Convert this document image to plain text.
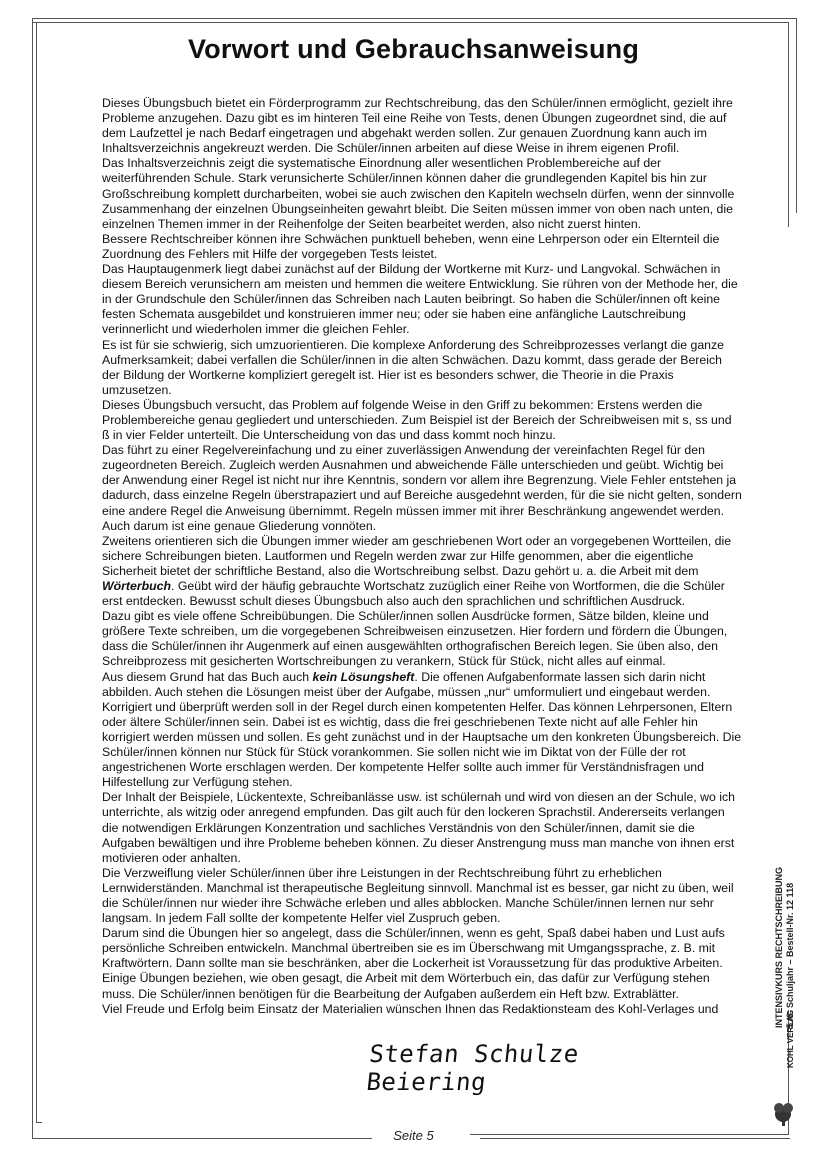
Vorwort und Gebrauchsanweisung

Dieses Übungsbuch bietet ein Förderprogramm zur Rechtschreibung, das den Schüler/innen ermöglicht, gezielt ihre Probleme anzugehen. Dazu gibt es im hinteren Teil eine Reihe von Tests, denen Übungen zugeordnet sind, die auf dem Laufzettel je nach Bedarf eingetragen und abgehakt werden sollen. Zur genauen Zuordnung kann auch im Inhaltsverzeichnis angekreuzt werden. Die Schüler/innen arbeiten auf diese Weise in ihrem eigenen Profil.

Das Inhaltsverzeichnis zeigt die systematische Einordnung aller wesentlichen Problembereiche auf der weiterführenden Schule. Stark verunsicherte Schüler/innen können daher die grundlegenden Kapitel bis hin zur Großschreibung komplett durcharbeiten, wobei sie auch zwischen den Kapiteln wechseln dürfen, wenn der sinnvolle Zusammenhang der einzelnen Übungseinheiten gewahrt bleibt. Die Seiten müssen immer von oben nach unten, die einzelnen Themen immer in der Reihenfolge der Seiten bearbeitet werden, also nicht zuerst hinten.

Bessere Rechtschreiber können ihre Schwächen punktuell beheben, wenn eine Lehrperson oder ein Elternteil die Zuordnung des Fehlers mit Hilfe der vorgegeben Tests leistet.

Das Hauptaugenmerk liegt dabei zunächst auf der Bildung der Wortkerne mit Kurz- und Langvokal. Schwächen in diesem Bereich verunsichern am meisten und hemmen die weitere Entwicklung. Sie rühren von der Methode her, die in der Grundschule den Schüler/innen das Schreiben nach Lauten beibringt. So haben die Schüler/innen oft keine festen Schemata ausgebildet und konstruieren immer neu; oder sie haben eine anfängliche Lautschreibung verinnerlicht und wiederholen immer die gleichen Fehler.

Es ist für sie schwierig, sich umzuorientieren. Die komplexe Anforderung des Schreibprozesses verlangt die ganze Aufmerksamkeit; dabei verfallen die Schüler/innen in die alten Schwächen. Dazu kommt, dass gerade der Bereich der Bildung der Wortkerne kompliziert geregelt ist. Hier ist es besonders schwer, die Theorie in die Praxis umzusetzen.

Dieses Übungsbuch versucht, das Problem auf folgende Weise in den Griff zu bekommen: Erstens werden die Problembereiche genau gegliedert und unterschieden. Zum Beispiel ist der Bereich der Schreibweisen mit s, ss und ß in vier Felder unterteilt. Die Unterscheidung von das und dass kommt noch hinzu.

Das führt zu einer Regelvereinfachung und zu einer zuverlässigen Anwendung der vereinfachten Regel für den zugeordneten Bereich. Zugleich werden Ausnahmen und abweichende Fälle unterschieden und geübt. Wichtig bei der Anwendung einer Regel ist nicht nur ihre Kenntnis, sondern vor allem ihre Begrenzung. Viele Fehler entstehen ja dadurch, dass einzelne Regeln überstrapaziert und auf Bereiche ausgedehnt werden, für die sie nicht gelten, sondern eine andere Regel die Anweisung übernimmt. Regeln müssen immer mit ihrer Beschränkung angewendet werden. Auch darum ist eine genaue Gliederung vonnöten.

Zweitens orientieren sich die Übungen immer wieder am geschriebenen Wort oder an vorgegebenen Wortteilen, die sichere Schreibungen bieten. Lautformen und Regeln werden zwar zur Hilfe genommen, aber die eigentliche Sicherheit bietet der schriftliche Bestand, also die Wortschreibung selbst. Dazu gehört u. a. die Arbeit mit dem Wörterbuch. Geübt wird der häufig gebrauchte Wortschatz zuzüglich einer Reihe von Wortformen, die die Schüler erst entdecken. Bewusst schult dieses Übungsbuch also auch den sprachlichen und schriftlichen Ausdruck.

Dazu gibt es viele offene Schreibübungen. Die Schüler/innen sollen Ausdrücke formen, Sätze bilden, kleine und größere Texte schreiben, um die vorgegebenen Schreibweisen einzusetzen. Hier fordern und fördern die Übungen, dass die Schüler/innen ihr Augenmerk auf einen ausgewählten orthografischen Bereich legen. Sie üben also, den Schreibprozess mit gesicherten Wortschreibungen zu verankern, Stück für Stück, nicht alles auf einmal.

Aus diesem Grund hat das Buch auch kein Lösungsheft. Die offenen Aufgabenformate lassen sich darin nicht abbilden. Auch stehen die Lösungen meist über der Aufgabe, müssen „nur“ umformuliert und eingebaut werden. Korrigiert und überprüft werden soll in der Regel durch einen kompetenten Helfer. Das können Lehrpersonen, Eltern oder ältere Schüler/innen sein. Dabei ist es wichtig, dass die frei geschriebenen Texte nicht auf alle Fehler hin korrigiert werden müssen und sollen. Es geht zunächst und in der Hauptsache um den konkreten Übungsbereich. Die Schüler/innen können nur Stück für Stück vorankommen. Sie sollen nicht wie im Diktat von der Fülle der rot angestrichenen Worte erschlagen werden. Der kompetente Helfer sollte auch immer für Verständnisfragen und Hilfestellung zur Verfügung stehen.

Der Inhalt der Beispiele, Lückentexte, Schreibanlässe usw. ist schülernah und wird von diesen an der Schule, wo ich unterrichte, als witzig oder anregend empfunden. Das gilt auch für den lockeren Sprachstil. Andererseits verlangen die notwendigen Erklärungen Konzentration und sachliches Verständnis von den Schüler/innen, damit sie die Aufgaben bewältigen und ihre Probleme beheben können. Zu dieser Anstrengung muss man manche von ihnen erst motivieren oder anhalten.

Die Verzweiflung vieler Schüler/innen über ihre Leistungen in der Rechtschreibung führt zu erheblichen Lernwiderständen. Manchmal ist therapeutische Begleitung sinnvoll. Manchmal ist es besser, gar nicht zu üben, weil die Schüler/innen nur wieder ihre Schwäche erleben und alles abblocken. Manche Schüler/innen lernen nur sehr langsam. In jedem Fall sollte der kompetente Helfer viel Zuspruch geben.

Darum sind die Übungen hier so angelegt, dass die Schüler/innen, wenn es geht, Spaß dabei haben und Lust aufs persönliche Schreiben entwickeln. Manchmal übertreiben sie es im Überschwang mit Umgangssprache, z. B. mit Kraftwörtern. Dann sollte man sie beschränken, aber die Lockerheit ist Voraussetzung für das produktive Arbeiten.

Einige Übungen beziehen, wie oben gesagt, die Arbeit mit dem Wörterbuch ein, das dafür zur Verfügung stehen muss. Die Schüler/innen benötigen für die Bearbeitung der Aufgaben außerdem ein Heft bzw. Extrablätter.

Viel Freude und Erfolg beim Einsatz der Materialien wünschen Ihnen das Redaktionsteam des Kohl-Verlages und

Stefan Schulze Beiering
INTENSIVKURS RECHTSCHREIBUNG 5./6. Schuljahr – Bestell-Nr. 12 118
KOHL VERLAG
Seite 5
